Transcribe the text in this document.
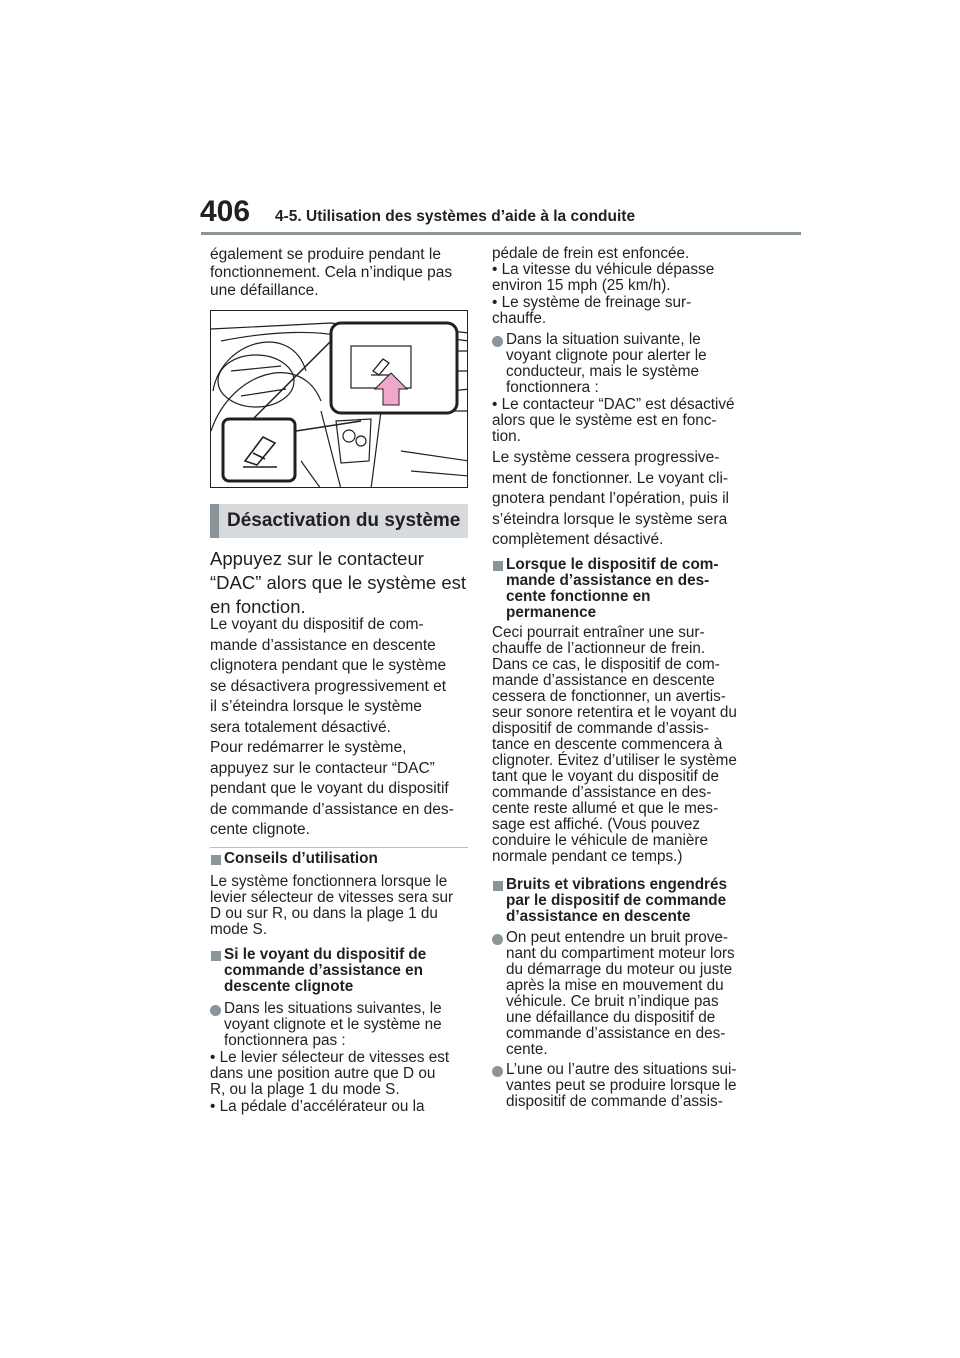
406 4-5. Utilisation des systèmes d’aide à la conduite

également se produire pendant le
fonctionnement. Cela n’indique pas
une défaillance.

Désactivation du système

Appuyez sur le contacteur
“DAC” alors que le système est
en fonction.

Le voyant du dispositif de com-
mande d’assistance en descente
clignotera pendant que le système
se désactivera progressivement et
il s’éteindra lorsque le système
sera totalement désactivé.
Pour redémarrer le système,
appuyez sur le contacteur “DAC”
pendant que le voyant du dispositif
de commande d’assistance en des-
cente clignote.

Conseils d’utilisation

Le système fonctionnera lorsque le
levier sélecteur de vitesses sera sur
D ou sur R, ou dans la plage 1 du
mode S.

Si le voyant du dispositif de
commande d’assistance en
descente clignote

Dans les situations suivantes, le
voyant clignote et le système ne
fonctionnera pas :

• Le levier sélecteur de vitesses est
dans une position autre que D ou
R, ou la plage 1 du mode S.

• La pédale d’accélérateur ou la

pédale de frein est enfoncée.

• La vitesse du véhicule dépasse
environ 15 mph (25 km/h).

• Le système de freinage sur-
chauffe.

Dans la situation suivante, le
voyant clignote pour alerter le
conducteur, mais le système
fonctionnera :

• Le contacteur “DAC” est désactivé
alors que le système est en fonc-
tion.

Le système cessera progressive-
ment de fonctionner. Le voyant cli-
gnotera pendant l’opération, puis il
s’éteindra lorsque le système sera
complètement désactivé.

Lorsque le dispositif de com-
mande d’assistance en des-
cente fonctionne en
permanence

Ceci pourrait entraîner une sur-
chauffe de l’actionneur de frein.
Dans ce cas, le dispositif de com-
mande d’assistance en descente
cessera de fonctionner, un avertis-
seur sonore retentira et le voyant du
dispositif de commande d’assis-
tance en descente commencera à
clignoter. Évitez d’utiliser le système
tant que le voyant du dispositif de
commande d’assistance en des-
cente reste allumé et que le mes-
sage est affiché. (Vous pouvez
conduire le véhicule de manière
normale pendant ce temps.)

Bruits et vibrations engendrés
par le dispositif de commande
d’assistance en descente

On peut entendre un bruit prove-
nant du compartiment moteur lors
du démarrage du moteur ou juste
après la mise en mouvement du
véhicule. Ce bruit n’indique pas
une défaillance du dispositif de
commande d’assistance en des-
cente.

L’une ou l’autre des situations sui-
vantes peut se produire lorsque le
dispositif de commande d’assis-
